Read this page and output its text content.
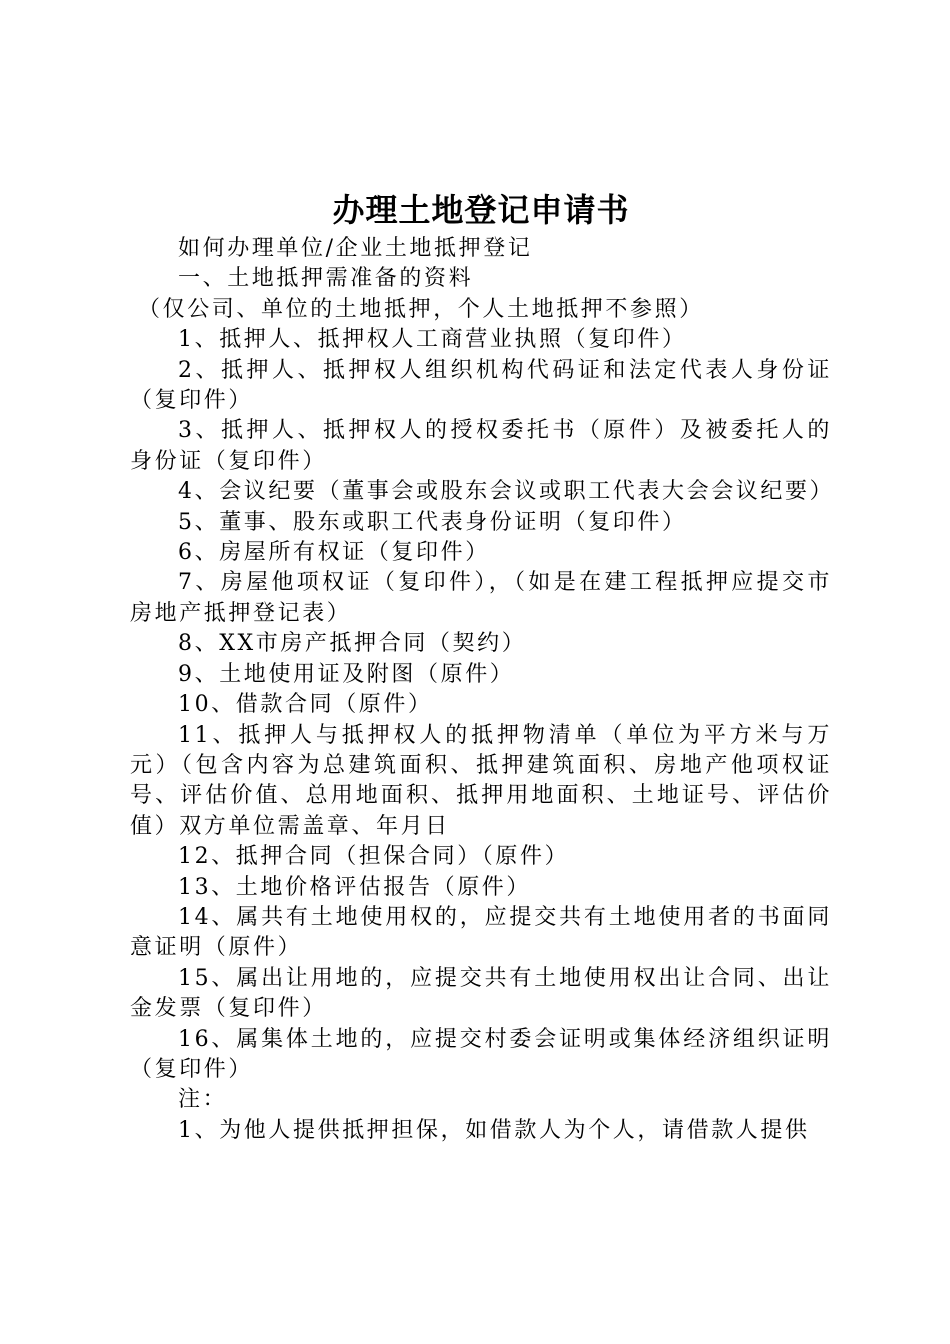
办理土地登记申请书

如何办理单位/企业土地抵押登记

一、土地抵押需准备的资料

（仅公司、单位的土地抵押，个人土地抵押不参照）

1、抵押人、抵押权人工商营业执照（复印件）

2、抵押人、抵押权人组织机构代码证和法定代表人身份证（复印件）

3、抵押人、抵押权人的授权委托书（原件）及被委托人的身份证（复印件）

4、会议纪要（董事会或股东会议或职工代表大会会议纪要）

5、董事、股东或职工代表身份证明（复印件）

6、房屋所有权证（复印件）

7、房屋他项权证（复印件），（如是在建工程抵押应提交市房地产抵押登记表）

8、XX市房产抵押合同（契约）

9、土地使用证及附图（原件）

10、借款合同（原件）

11、抵押人与抵押权人的抵押物清单（单位为平方米与万元）（包含内容为总建筑面积、抵押建筑面积、房地产他项权证号、评估价值、总用地面积、抵押用地面积、土地证号、评估价值）双方单位需盖章、年月日

12、抵押合同（担保合同）（原件）

13、土地价格评估报告（原件）

14、属共有土地使用权的，应提交共有土地使用者的书面同意证明（原件）

15、属出让用地的，应提交共有土地使用权出让合同、出让金发票（复印件）

16、属集体土地的，应提交村委会证明或集体经济组织证明（复印件）

注：

1、为他人提供抵押担保，如借款人为个人，请借款人提供
